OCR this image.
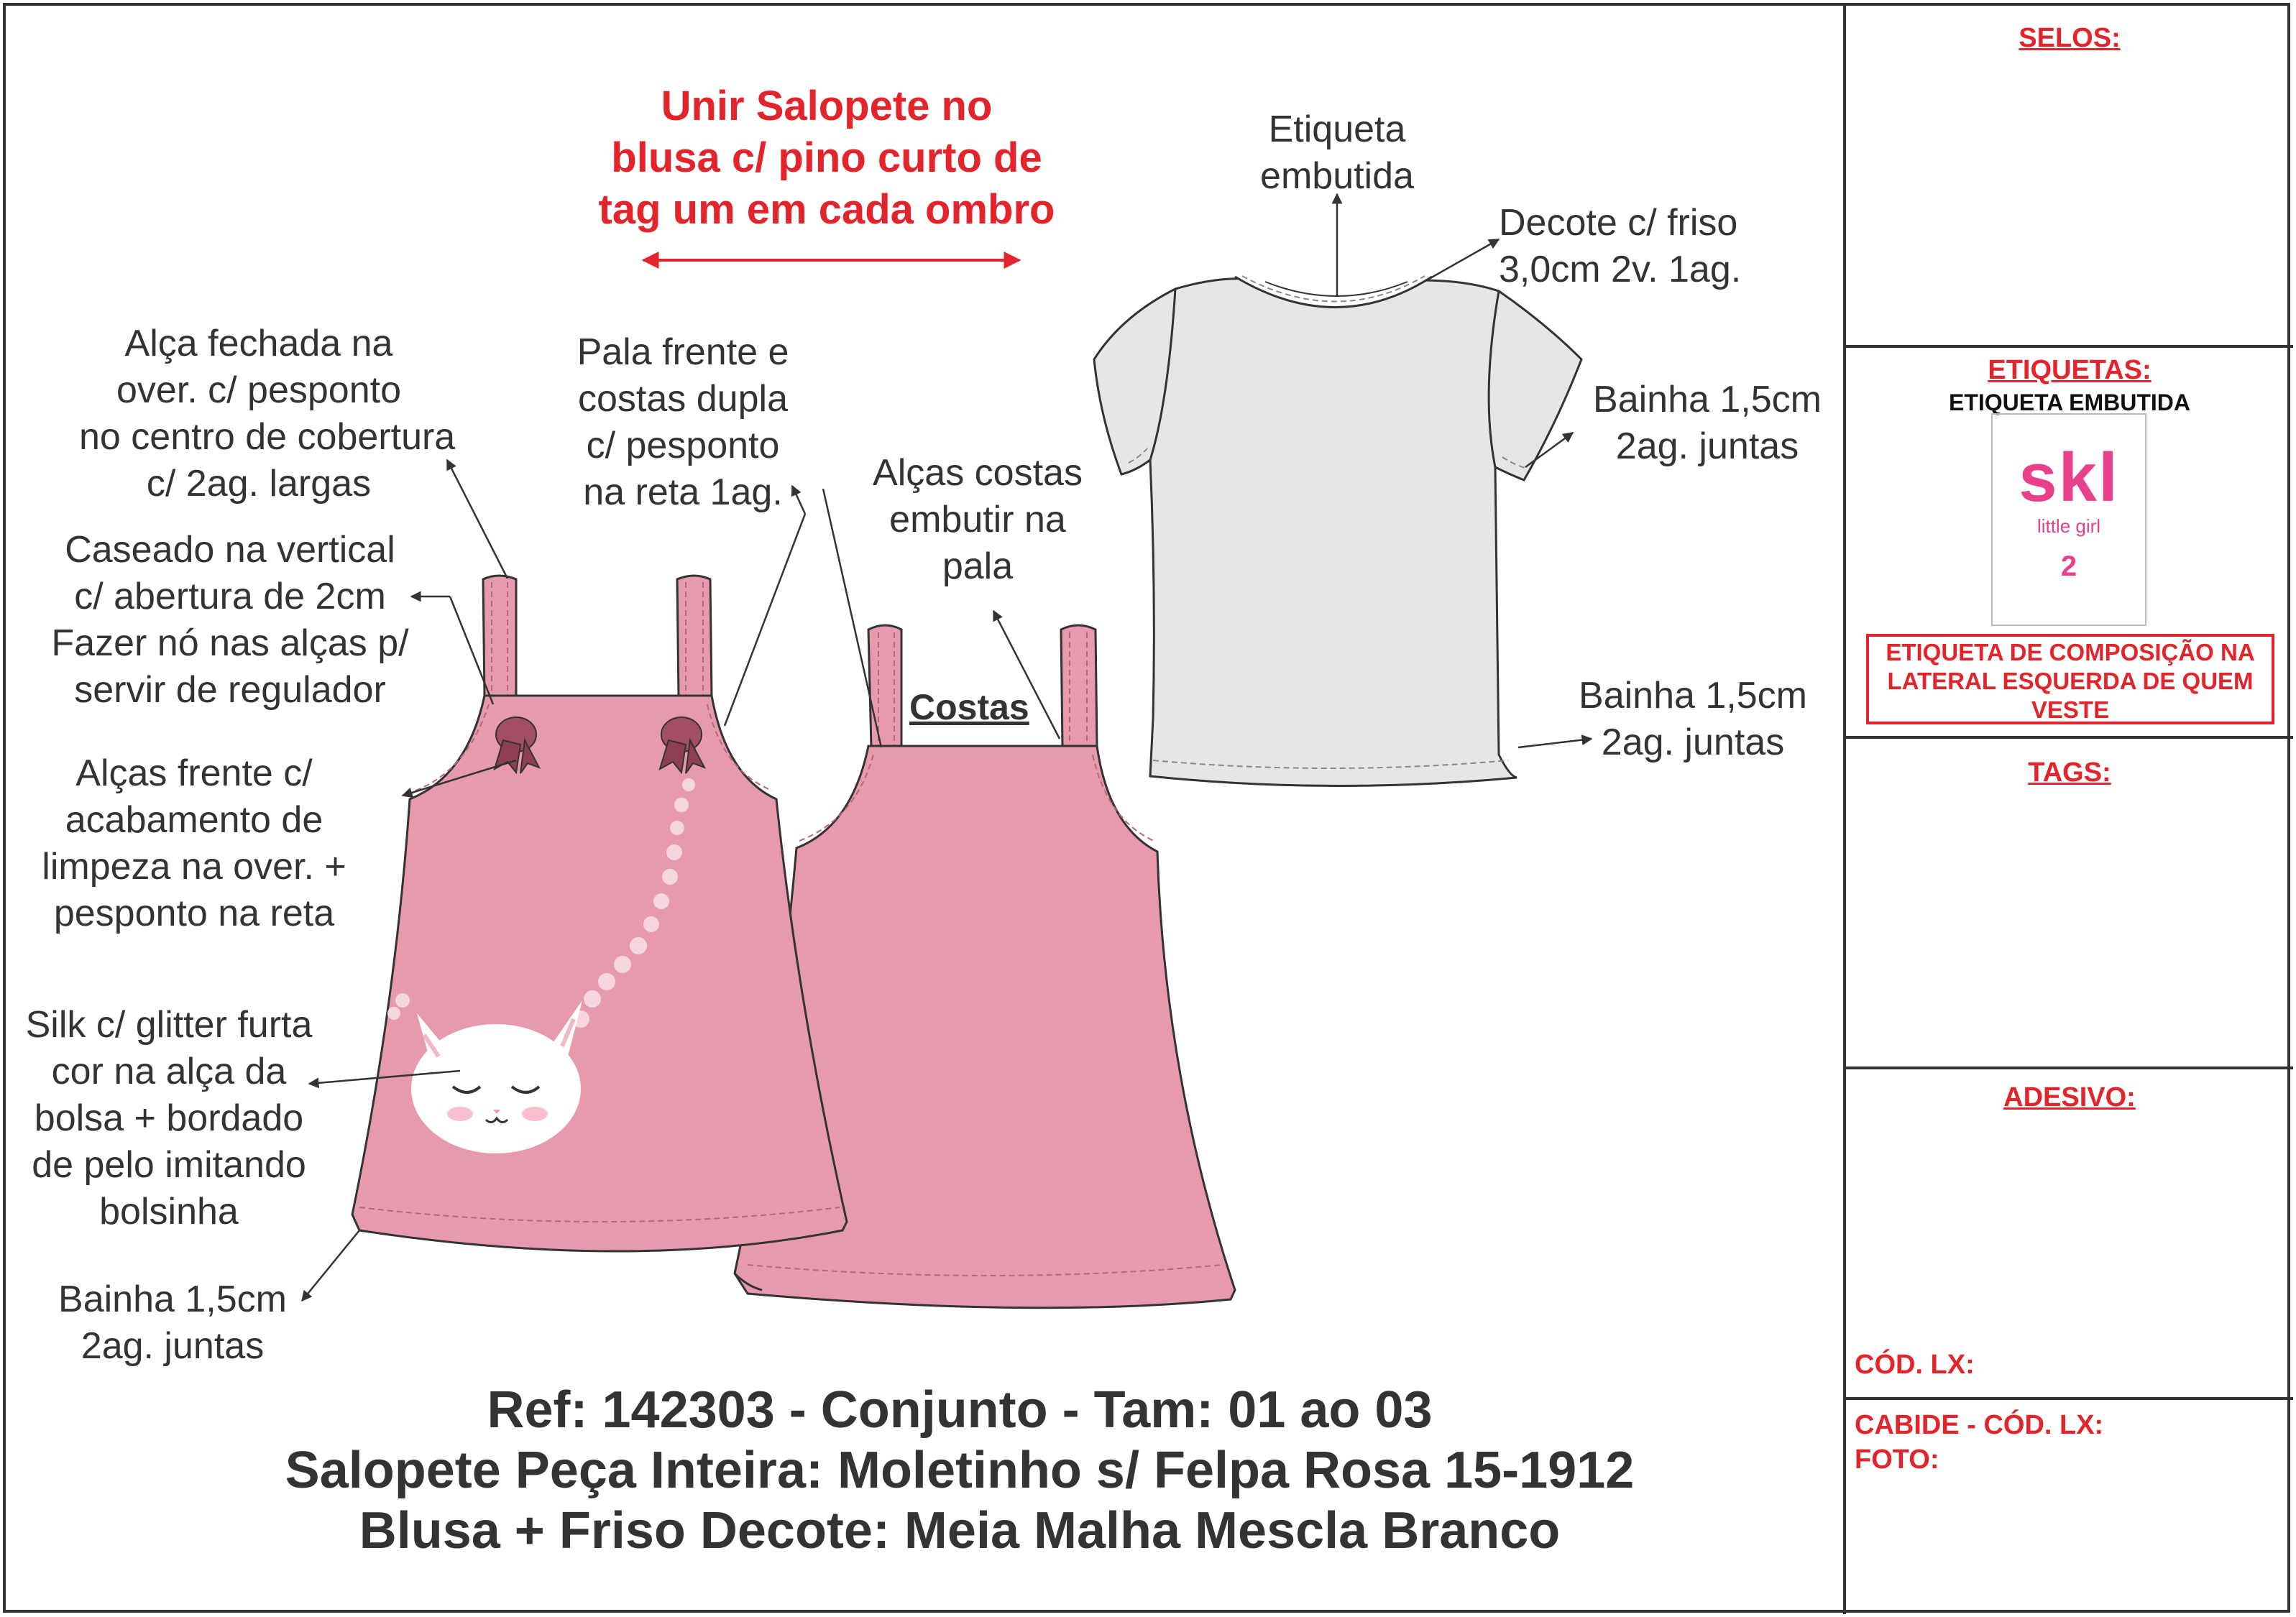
Unir Salopete no
blusa c/ pino curto de
tag um em cada ombro
Alça fechada na
over. c/ pesponto
no centro de cobertura
c/ 2ag. largas
Caseado na vertical
c/ abertura de 2cm
Fazer nó nas alças p/
servir de regulador
Alças frente c/
acabamento de
limpeza na over. +
pesponto na reta
Silk c/ glitter furta
cor na alça da
bolsa + bordado
de pelo imitando
bolsinha
Bainha 1,5cm
2ag. juntas
Pala frente e
costas dupla
c/ pesponto
na reta 1ag.	Alças costas
embutir na
pala
Etiqueta
embutida
Decote c/ friso
3,0cm 2v. 1ag.
Bainha 1,5cm
2ag. juntas
Bainha 1,5cm
2ag. juntas
Costas
Ref: 142303 - Conjunto - Tam: 01 ao 03
Salopete Peça Inteira: Moletinho s/ Felpa Rosa 15-1912
Blusa + Friso Decote: Meia Malha Mescla Branco
SELOS:
ETIQUETAS:
ETIQUETA EMBUTIDA
TAGS:
ADESIVO:
CÓD. LX:
CABIDE - CÓD. LX:
FOTO:
skl
little girl
2
ETIQUETA DE COMPOSIÇÃO NA
LATERAL ESQUERDA DE QUEM
VESTE
